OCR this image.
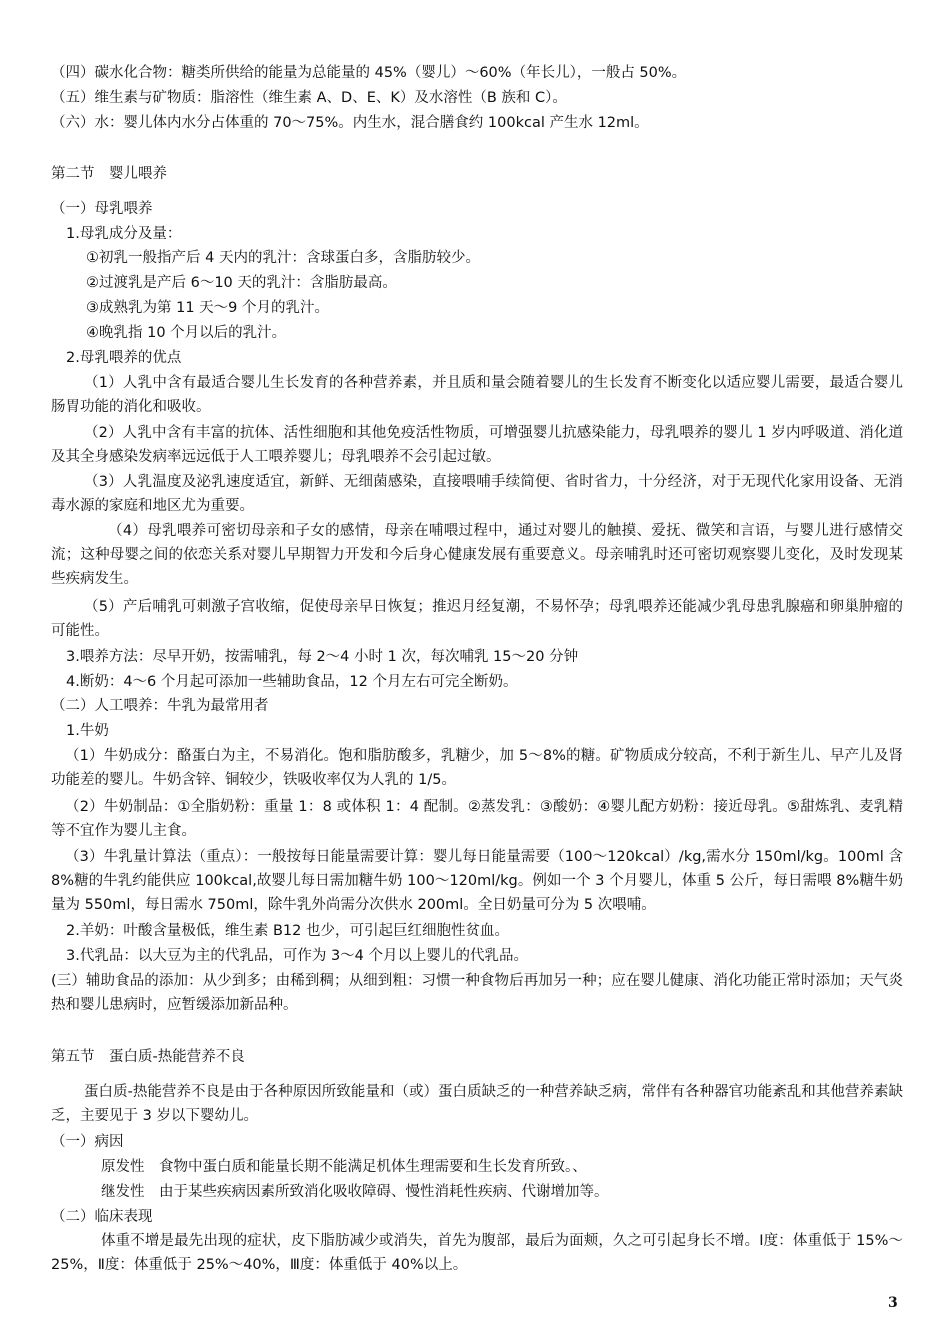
（四）碳水化合物：糖类所供给的能量为总能量的 45%（婴儿）～60%（年长儿），一般占 50%。
（五）维生素与矿物质：脂溶性（维生素 A、D、E、K）及水溶性（B 族和 C）。
（六）水：婴儿体内水分占体重的 70～75%。内生水，混合膳食约 100kcal 产生水 12ml。
第二节　婴儿喂养
（一）母乳喂养
1.母乳成分及量：
①初乳一般指产后 4 天内的乳汁：含球蛋白多，含脂肪较少。
②过渡乳是产后 6～10 天的乳汁：含脂肪最高。
③成熟乳为第 11 天～9 个月的乳汁。
④晚乳指 10 个月以后的乳汁。
2.母乳喂养的优点
（1）人乳中含有最适合婴儿生长发育的各种营养素，并且质和量会随着婴儿的生长发育不断变化以适应婴儿需要，最适合婴儿肠胃功能的消化和吸收。
（2）人乳中含有丰富的抗体、活性细胞和其他免疫活性物质，可增强婴儿抗感染能力，母乳喂养的婴儿 1 岁内呼吸道、消化道及其全身感染发病率远远低于人工喂养婴儿；母乳喂养不会引起过敏。
（3）人乳温度及泌乳速度适宜，新鲜、无细菌感染，直接喂哺手续简便、省时省力，十分经济，对于无现代化家用设备、无消毒水源的家庭和地区尤为重要。
（4）母乳喂养可密切母亲和子女的感情，母亲在哺喂过程中，通过对婴儿的触摸、爱抚、微笑和言语，与婴儿进行感情交流；这种母婴之间的依恋关系对婴儿早期智力开发和今后身心健康发展有重要意义。母亲哺乳时还可密切观察婴儿变化，及时发现某些疾病发生。
（5）产后哺乳可刺激子宫收缩，促使母亲早日恢复；推迟月经复潮，不易怀孕；母乳喂养还能减少乳母患乳腺癌和卵巢肿瘤的可能性。
3.喂养方法：尽早开奶，按需哺乳，每 2～4 小时 1 次，每次哺乳 15～20 分钟
4.断奶：4～6 个月起可添加一些辅助食品，12 个月左右可完全断奶。
（二）人工喂养：牛乳为最常用者
1.牛奶
（1）牛奶成分：酪蛋白为主，不易消化。饱和脂肪酸多，乳糖少，加 5～8%的糖。矿物质成分较高，不利于新生儿、早产儿及肾功能差的婴儿。牛奶含锌、铜较少，铁吸收率仅为人乳的 1/5。
（2）牛奶制品：①全脂奶粉：重量 1：8 或体积 1：4 配制。②蒸发乳：③酸奶：④婴儿配方奶粉：接近母乳。⑤甜炼乳、麦乳精等不宜作为婴儿主食。
（3）牛乳量计算法（重点）：一般按每日能量需要计算：婴儿每日能量需要（100～120kcal）/kg,需水分 150ml/kg。100ml 含 8%糖的牛乳约能供应 100kcal,故婴儿每日需加糖牛奶 100～120ml/kg。例如一个 3 个月婴儿，体重 5 公斤，每日需喂 8%糖牛奶量为 550ml，每日需水 750ml，除牛乳外尚需分次供水 200ml。全日奶量可分为 5 次喂哺。
2.羊奶：叶酸含量极低，维生素 B12 也少，可引起巨红细胞性贫血。
3.代乳品：以大豆为主的代乳品，可作为 3～4 个月以上婴儿的代乳品。
(三）辅助食品的添加：从少到多；由稀到稠；从细到粗：习惯一种食物后再加另一种；应在婴儿健康、消化功能正常时添加；天气炎热和婴儿患病时，应暂缓添加新品种。
第五节　蛋白质-热能营养不良
蛋白质-热能营养不良是由于各种原因所致能量和（或）蛋白质缺乏的一种营养缺乏病，常伴有各种器官功能紊乱和其他营养素缺乏，主要见于 3 岁以下婴幼儿。
（一）病因
原发性　食物中蛋白质和能量长期不能满足机体生理需要和生长发育所致。、
继发性　由于某些疾病因素所致消化吸收障碍、慢性消耗性疾病、代谢增加等。
（二）临床表现
体重不增是最先出现的症状，皮下脂肪减少或消失，首先为腹部，最后为面颊，久之可引起身长不增。Ⅰ度：体重低于 15%～25%，Ⅱ度：体重低于 25%～40%，Ⅲ度：体重低于 40%以上。
3
